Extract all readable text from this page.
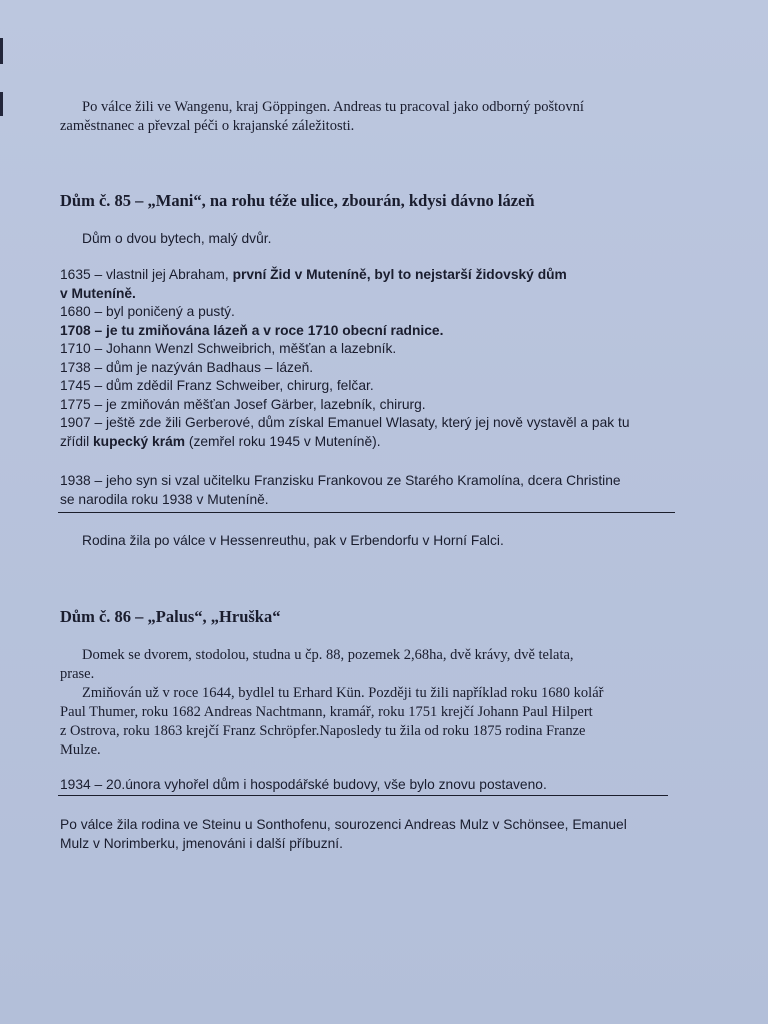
Po válce žili ve Wangenu, kraj Göppingen. Andreas tu pracoval jako odborný poštovní
zaměstnanec a převzal péči o krajanské záležitosti.
Dům č. 85 – „Mani“, na rohu téže ulice, zbourán, kdysi dávno lázeň
Dům o dvou bytech, malý dvůr.
1635 – vlastnil jej Abraham, první Žid v Muteníně, byl to nejstarší židovský dům
v Muteníně.
1680 – byl poničený a pustý.
1708 – je tu zmiňována lázeň a v roce 1710 obecní radnice.
1710 – Johann Wenzl Schweibrich, měšťan a lazebník.
1738 – dům je nazýván Badhaus – lázeň.
1745 – dům zdědil Franz Schweiber, chirurg, felčar.
1775 – je zmiňován měšťan Josef Gärber, lazebník, chirurg.
1907 – ještě zde žili Gerberové, dům získal Emanuel Wlasaty, který jej nově vystavěl a pak tu
zřídil kupecký krám (zemřel roku 1945 v Muteníně).
1938 – jeho syn si vzal učitelku Franzisku Frankovou ze Starého Kramolína, dcera Christine
se narodila roku 1938 v Muteníně.
Rodina žila po válce v Hessenreuthu, pak v Erbendorfu v Horní Falci.
Dům č. 86 – „Palus“, „Hruška“
Domek se dvorem, stodolou, studna u čp. 88, pozemek 2,68ha, dvě krávy, dvě telata,
prase.
Zmiňován už v roce 1644, bydlel tu Erhard Kün. Později tu žili například roku 1680 kolář
Paul Thumer, roku 1682 Andreas Nachtmann, kramář, roku 1751 krejčí Johann Paul Hilpert
z Ostrova, roku 1863 krejčí Franz Schröpfer.Naposledy tu žila od roku 1875 rodina Franze
Mulze.
1934 – 20.února vyhořel dům i hospodářské budovy, vše bylo znovu postaveno.
Po válce žila rodina ve Steinu u Sonthofenu, sourozenci Andreas Mulz v Schönsee, Emanuel
Mulz v Norimberku, jmenováni i další příbuzní.
